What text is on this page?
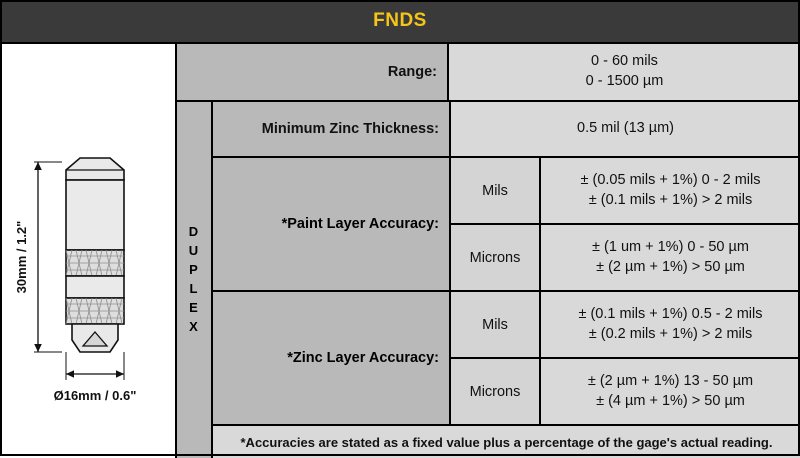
FNDS
30mm / 1.2"
Ø16mm / 0.6"
Range:
0 - 60 mils
0 - 1500 µm
D
U
P
L
E
X
Minimum Zinc Thickness:	0.5 mil (13 µm)
*Paint Layer Accuracy:
Mils
± (0.05 mils + 1%) 0 - 2 mils
± (0.1 mils + 1%) > 2 mils
Microns
± (1 um + 1%) 0 - 50 µm
± (2 µm + 1%) > 50 µm
*Zinc Layer Accuracy:
Mils
± (0.1 mils + 1%) 0.5 - 2 mils
± (0.2 mils + 1%) > 2 mils
Microns
± (2 µm + 1%) 13 - 50 µm
± (4 µm + 1%) > 50 µm
*Accuracies are stated as a fixed value plus a percentage of the gage's actual reading.
